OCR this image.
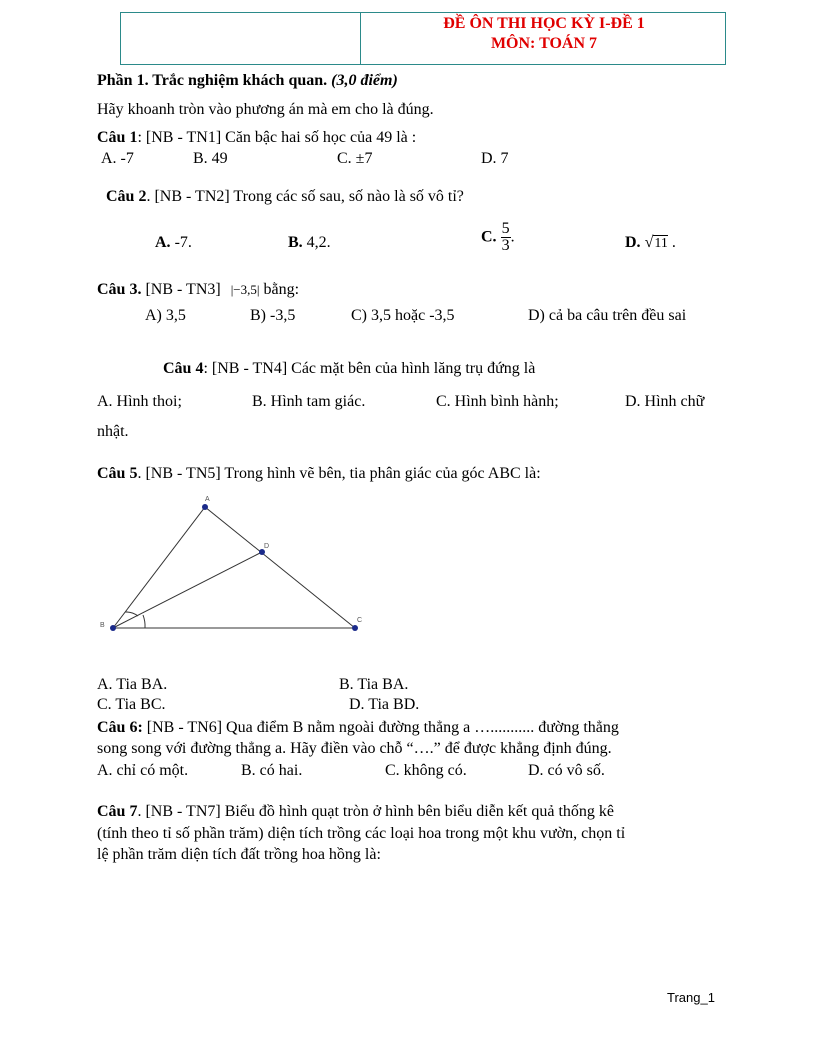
ĐỀ ÔN THI HỌC KỲ I-ĐỀ 1
MÔN: TOÁN 7
Phần 1. Trắc nghiệm khách quan. (3,0 điểm)
Hãy khoanh tròn vào phương án mà em cho là đúng.
Câu 1: [NB - TN1] Căn bậc hai số học của 49 là :
A. -7	B. 49	C. ±7	D. 7
Câu 2. [NB - TN2] Trong các số sau, số nào là số vô tỉ?
A. -7.	B. 4,2.	C. $\frac{5}{3}$ .	D. √11 .
Câu 3. [NB - TN3] |−3,5| bằng:
A) 3,5	B) -3,5	C) 3,5 hoặc -3,5	D) cả ba câu trên đều sai
Câu 4: [NB - TN4] Các mặt bên của hình lăng trụ đứng là
A. Hình thoi;	B. Hình tam giác.	C. Hình bình hành;	D. Hình chữ
nhật.
Câu 5. [NB - TN5] Trong hình vẽ bên, tia phân giác của góc ABC là:
A
B
C
D
A. Tia BA.	B. Tia BA.
C. Tia BC.	D. Tia BD.
Câu 6: [NB - TN6] Qua điểm B nằm ngoài đường thẳng a …........... đường thẳng
song song với đường thẳng a. Hãy điền vào chỗ “….” để được khẳng định đúng.
A. chỉ có một.	B. có hai.	C. không có.	D. có vô số.
Câu 7. [NB - TN7] Biểu đồ hình quạt tròn ở hình bên biểu diễn kết quả thống kê
(tính theo tỉ số phần trăm) diện tích trồng các loại hoa trong một khu vườn, chọn tỉ
lệ phần trăm diện tích đất trồng hoa hồng là:
Trang_1
